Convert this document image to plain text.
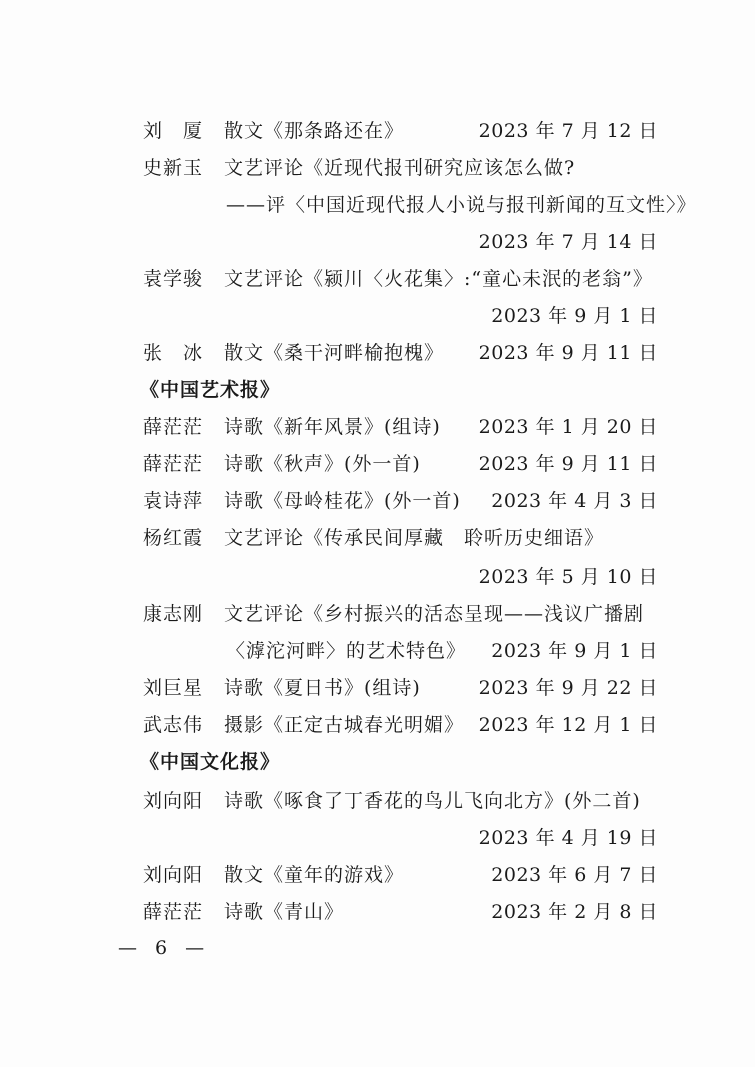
刘　厦 散文《那条路还在》	2023 年 7 月 12 日
史新玉 文艺评论《近现代报刊研究应该怎么做?
——评〈中国近现代报人小说与报刊新闻的互文性〉》
2023 年 7 月 14 日
袁学骏 文艺评论《颍川〈火花集〉:“童心未泯的老翁”》
2023 年 9 月 1 日
张　冰 散文《桑干河畔榆抱槐》 2023 年 9 月 11 日
《中国艺术报》
薛茫茫 诗歌《新年风景》(组诗) 2023 年 1 月 20 日
薛茫茫 诗歌《秋声》(外一首)	2023 年 9 月 11 日
袁诗萍 诗歌《母岭桂花》(外一首) 2023 年 4 月 3 日
杨红霞 文艺评论《传承民间厚藏　聆听历史细语》
2023 年 5 月 10 日
康志刚 文艺评论《乡村振兴的活态呈现——浅议广播剧
〈滹沱河畔〉的艺术特色》 2023 年 9 月 1 日
刘巨星 诗歌《夏日书》(组诗)	2023 年 9 月 22 日
武志伟 摄影《正定古城春光明媚》 2023 年 12 月 1 日
《中国文化报》
刘向阳 诗歌《啄食了丁香花的鸟儿飞向北方》(外二首)
2023 年 4 月 19 日
刘向阳 散文《童年的游戏》	2023 年 6 月 7 日
薛茫茫 诗歌《青山》	2023 年 2 月 8 日
— 6 —
